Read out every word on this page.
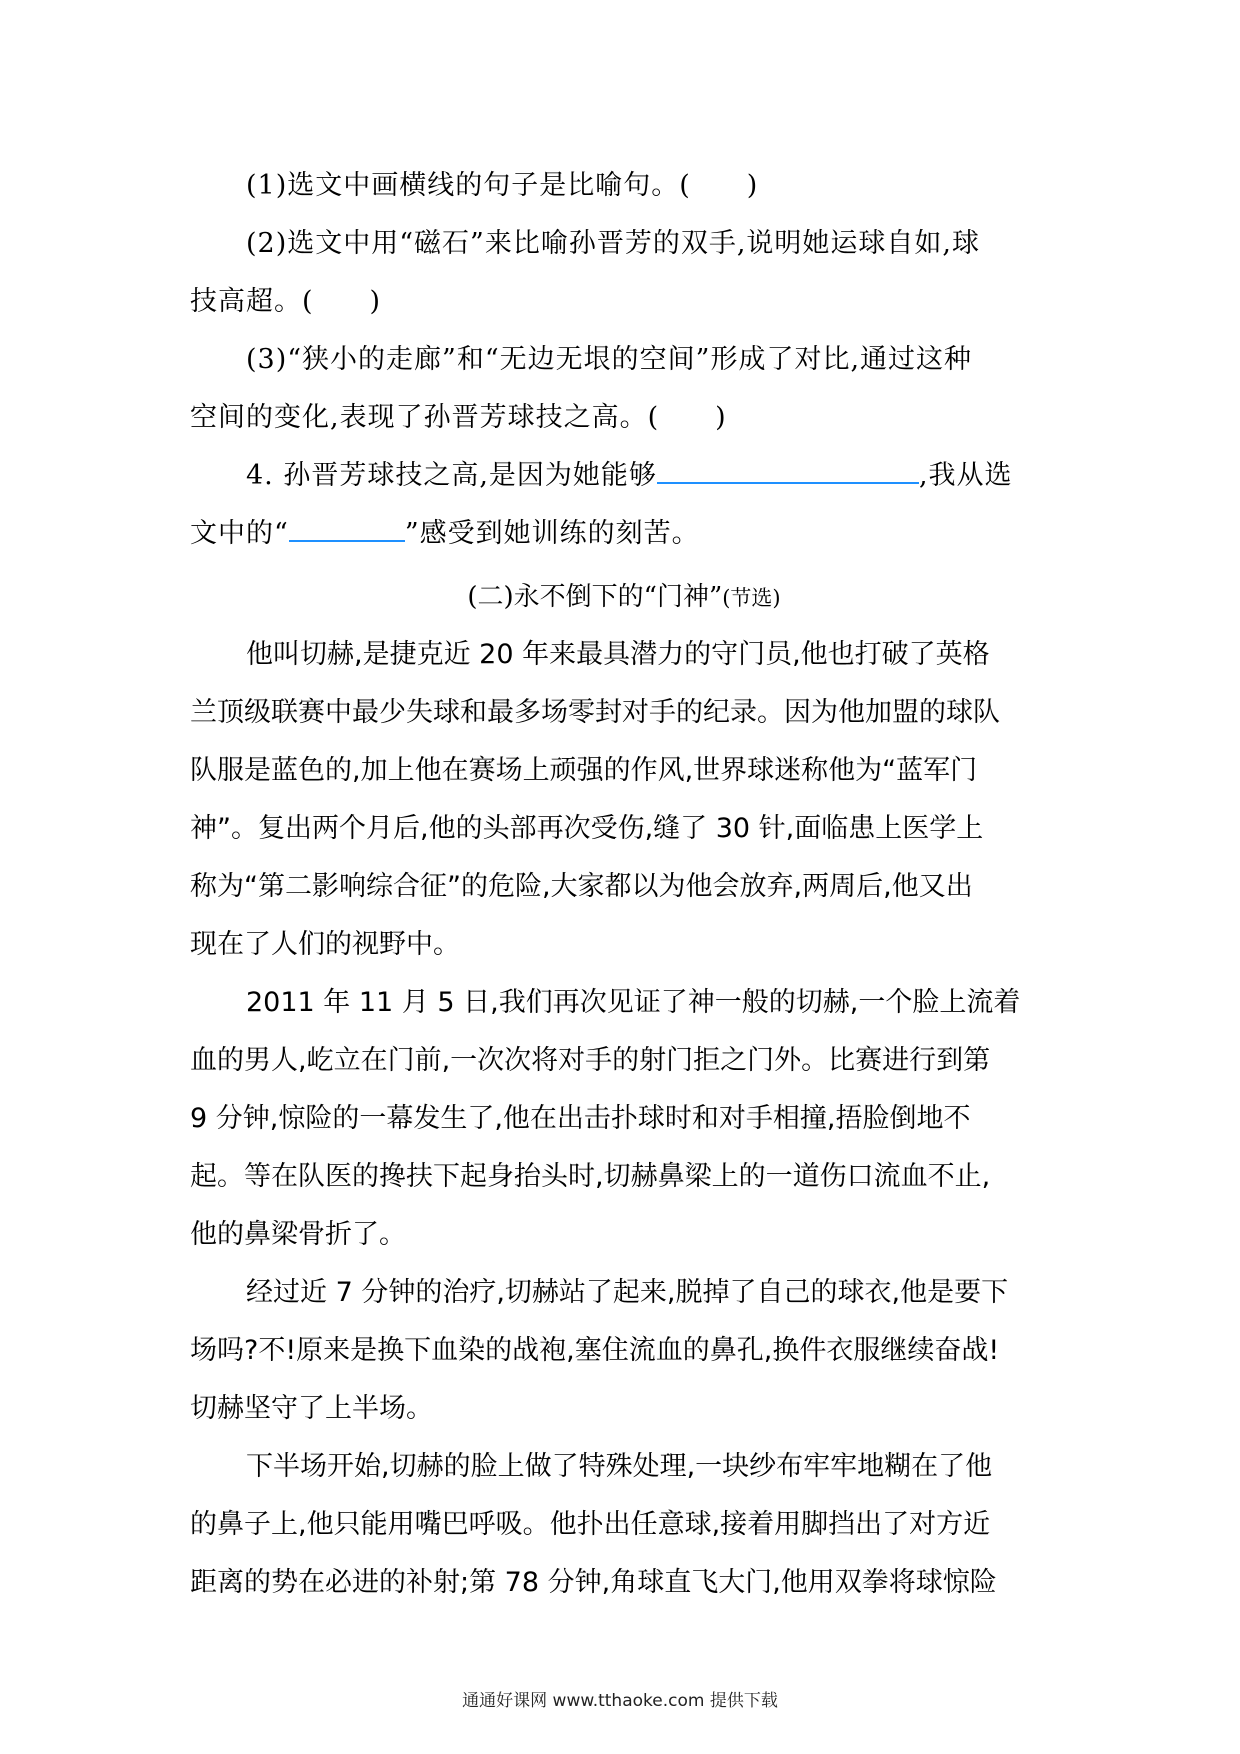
(1)选文中画横线的句子是比喻句。(　　)
(2)选文中用“磁石”来比喻孙晋芳的双手,说明她运球自如,球
技高超。(　　)
(3)“狭小的走廊”和“无边无垠的空间”形成了对比,通过这种
空间的变化,表现了孙晋芳球技之高。(　　)
4. 孙晋芳球技之高,是因为她能够	,我从选
文中的“	”感受到她训练的刻苦。
(二)永不倒下的“门神”(节选)
他叫切赫,是捷克近 20 年来最具潜力的守门员,他也打破了英格
兰顶级联赛中最少失球和最多场零封对手的纪录。因为他加盟的球队
队服是蓝色的,加上他在赛场上顽强的作风,世界球迷称他为“蓝军门
神”。复出两个月后,他的头部再次受伤,缝了 30 针,面临患上医学上
称为“第二影响综合征”的危险,大家都以为他会放弃,两周后,他又出
现在了人们的视野中。
2011 年 11 月 5 日,我们再次见证了神一般的切赫,一个脸上流着
血的男人,屹立在门前,一次次将对手的射门拒之门外。比赛进行到第
9 分钟,惊险的一幕发生了,他在出击扑球时和对手相撞,捂脸倒地不
起。等在队医的搀扶下起身抬头时,切赫鼻梁上的一道伤口流血不止,
他的鼻梁骨折了。
经过近 7 分钟的治疗,切赫站了起来,脱掉了自己的球衣,他是要下
场吗?不!原来是换下血染的战袍,塞住流血的鼻孔,换件衣服继续奋战!
切赫坚守了上半场。
下半场开始,切赫的脸上做了特殊处理,一块纱布牢牢地糊在了他
的鼻子上,他只能用嘴巴呼吸。他扑出任意球,接着用脚挡出了对方近
距离的势在必进的补射;第 78 分钟,角球直飞大门,他用双拳将球惊险
通通好课网 www.tthaoke.com 提供下载
